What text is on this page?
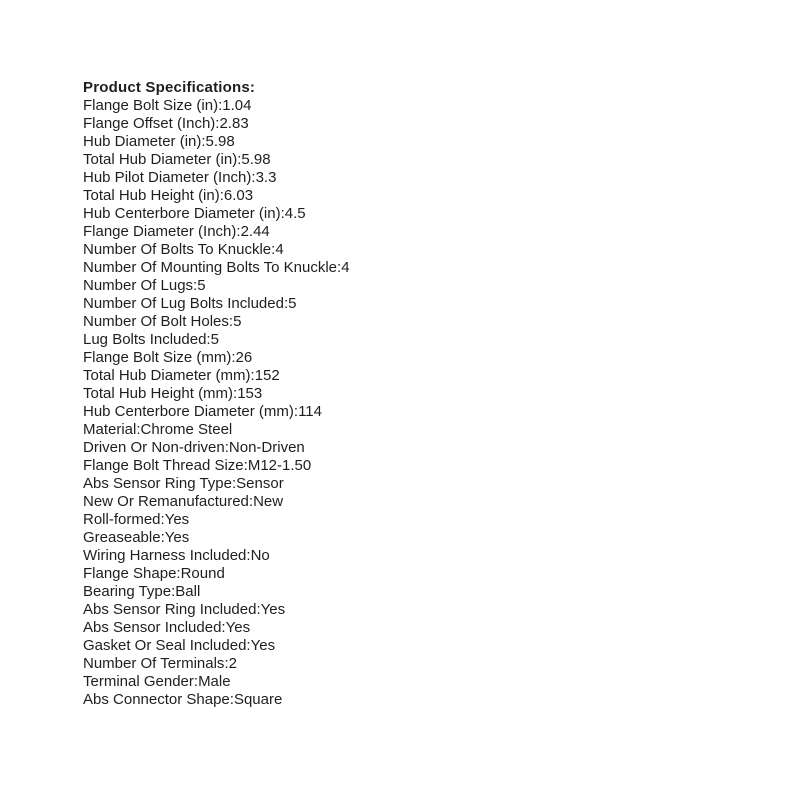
Product Specifications:
Flange Bolt Size (in):1.04
Flange Offset (Inch):2.83
Hub Diameter (in):5.98
Total Hub Diameter (in):5.98
Hub Pilot Diameter (Inch):3.3
Total Hub Height (in):6.03
Hub Centerbore Diameter (in):4.5
Flange Diameter (Inch):2.44
Number Of Bolts To Knuckle:4
Number Of Mounting Bolts To Knuckle:4
Number Of Lugs:5
Number Of Lug Bolts Included:5
Number Of Bolt Holes:5
Lug Bolts Included:5
Flange Bolt Size (mm):26
Total Hub Diameter (mm):152
Total Hub Height (mm):153
Hub Centerbore Diameter (mm):114
Material:Chrome Steel
Driven Or Non-driven:Non-Driven
Flange Bolt Thread Size:M12-1.50
Abs Sensor Ring Type:Sensor
New Or Remanufactured:New
Roll-formed:Yes
Greaseable:Yes
Wiring Harness Included:No
Flange Shape:Round
Bearing Type:Ball
Abs Sensor Ring Included:Yes
Abs Sensor Included:Yes
Gasket Or Seal Included:Yes
Number Of Terminals:2
Terminal Gender:Male
Abs Connector Shape:Square
